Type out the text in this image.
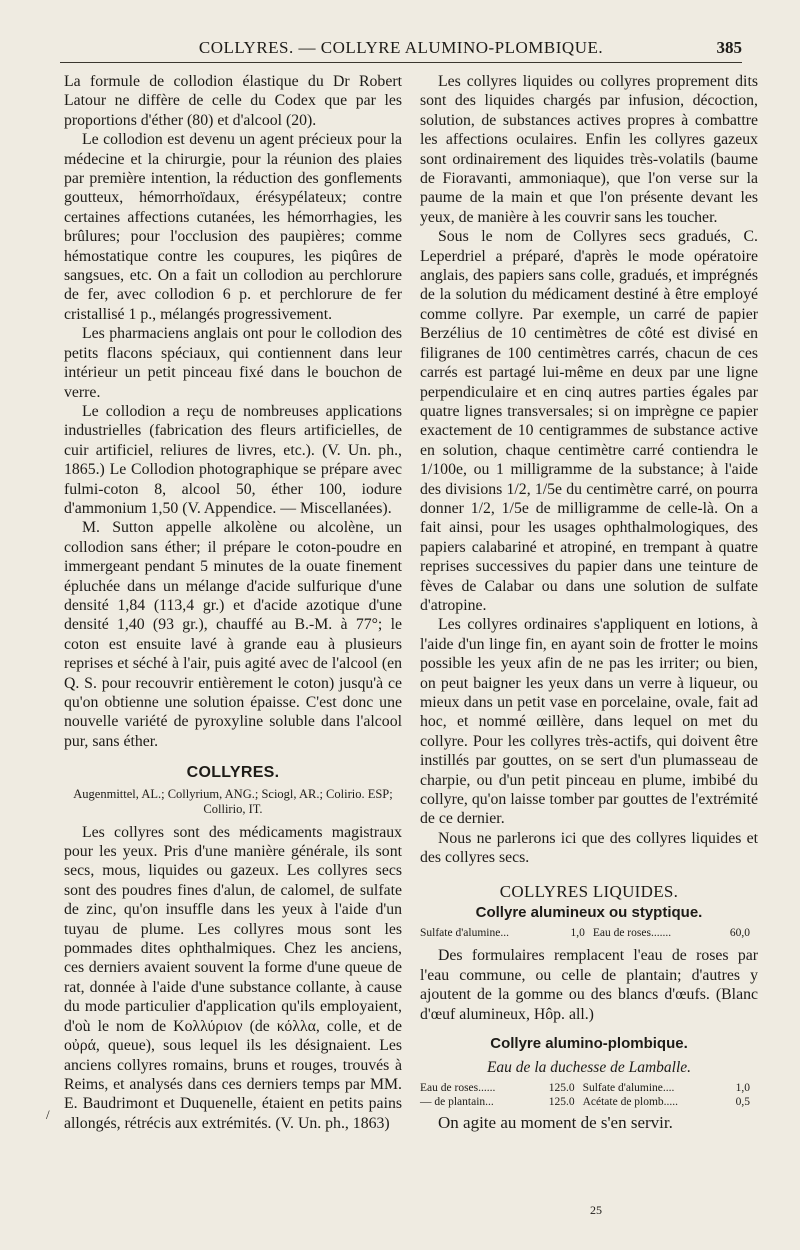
COLLYRES. — COLLYRE ALUMINO-PLOMBIQUE.	385

La formule de collodion élastique du Dr Robert Latour ne diffère de celle du Codex que par les proportions d'éther (80) et d'alcool (20).

Le collodion est devenu un agent précieux pour la médecine et la chirurgie, pour la réunion des plaies par première intention, la réduction des gonflements goutteux, hémorrhoïdaux, érésypélateux; contre certaines affections cutanées, les hémorrhagies, les brûlures; pour l'occlusion des paupières; comme hémostatique contre les coupures, les piqûres de sangsues, etc. On a fait un collodion au perchlorure de fer, avec collodion 6 p. et perchlorure de fer cristallisé 1 p., mélangés progressivement.

Les pharmaciens anglais ont pour le collodion des petits flacons spéciaux, qui contiennent dans leur intérieur un petit pinceau fixé dans le bouchon de verre.

Le collodion a reçu de nombreuses applications industrielles (fabrication des fleurs artificielles, de cuir artificiel, reliures de livres, etc.). (V. Un. ph., 1865.) Le Collodion photographique se prépare avec fulmi-coton 8, alcool 50, éther 100, iodure d'ammonium 1,50 (V. Appendice. — Miscellanées).

M. Sutton appelle alkolène ou alcolène, un collodion sans éther; il prépare le coton-poudre en immergeant pendant 5 minutes de la ouate finement épluchée dans un mélange d'acide sulfurique d'une densité 1,84 (113,4 gr.) et d'acide azotique d'une densité 1,40 (93 gr.), chauffé au B.-M. à 77°; le coton est ensuite lavé à grande eau à plusieurs reprises et séché à l'air, puis agité avec de l'alcool (en Q. S. pour recouvrir entièrement le coton) jusqu'à ce qu'on obtienne une solution épaisse. C'est donc une nouvelle variété de pyroxyline soluble dans l'alcool pur, sans éther.

COLLYRES.
Augenmittel, AL.; Collyrium, ANG.; Sciogl, AR.; Colirio. ESP; Collirio, IT.

Les collyres sont des médicaments magistraux pour les yeux. Pris d'une manière générale, ils sont secs, mous, liquides ou gazeux. Les collyres secs sont des poudres fines d'alun, de calomel, de sulfate de zinc, qu'on insuffle dans les yeux à l'aide d'un tuyau de plume. Les collyres mous sont les pommades dites ophthalmiques. Chez les anciens, ces derniers avaient souvent la forme d'une queue de rat, donnée à l'aide d'une substance collante, à cause du mode particulier d'application qu'ils employaient, d'où le nom de Κολλύριον (de κόλλα, colle, et de οὐρά, queue), sous lequel ils les désignaient. Les anciens collyres romains, bruns et rouges, trouvés à Reims, et analysés dans ces derniers temps par MM. E. Baudrimont et Duquenelle, étaient en petits pains allongés, rétrécis aux extrémités. (V. Un. ph., 1863)

Les collyres liquides ou collyres proprement dits sont des liquides chargés par infusion, décoction, solution, de substances actives propres à combattre les affections oculaires. Enfin les collyres gazeux sont ordinairement des liquides très-volatils (baume de Fioravanti, ammoniaque), que l'on verse sur la paume de la main et que l'on présente devant les yeux, de manière à les couvrir sans les toucher.

Sous le nom de Collyres secs gradués, C. Leperdriel a préparé, d'après le mode opératoire anglais, des papiers sans colle, gradués, et imprégnés de la solution du médicament destiné à être employé comme collyre. Par exemple, un carré de papier Berzélius de 10 centimètres de côté est divisé en filigranes de 100 centimètres carrés, chacun de ces carrés est partagé lui-même en deux par une ligne perpendiculaire et en cinq autres parties égales par quatre lignes transversales; si on imprègne ce papier exactement de 10 centigrammes de substance active en solution, chaque centimètre carré contiendra le 1/100e, ou 1 milligramme de la substance; à l'aide des divisions 1/2, 1/5e du centimètre carré, on pourra donner 1/2, 1/5e de milligramme de celle-là. On a fait ainsi, pour les usages ophthalmologiques, des papiers calabariné et atropiné, en trempant à quatre reprises successives du papier dans une teinture de fèves de Calabar ou dans une solution de sulfate d'atropine.

Les collyres ordinaires s'appliquent en lotions, à l'aide d'un linge fin, en ayant soin de frotter le moins possible les yeux afin de ne pas les irriter; ou bien, on peut baigner les yeux dans un verre à liqueur, ou mieux dans un petit vase en porcelaine, ovale, fait ad hoc, et nommé œillère, dans lequel on met du collyre. Pour les collyres très-actifs, qui doivent être instillés par gouttes, on se sert d'un plumasseau de charpie, ou d'un petit pinceau en plume, imbibé du collyre, qu'on laisse tomber par gouttes de l'extrémité de ce dernier.

Nous ne parlerons ici que des collyres liquides et des collyres secs.

COLLYRES LIQUIDES.
Collyre alumineux ou styptique.
Sulfate d'alumine...	1,0	Eau de roses.......	60,0

Des formulaires remplacent l'eau de roses par l'eau commune, ou celle de plantain; d'autres y ajoutent de la gomme ou des blancs d'œufs. (Blanc d'œuf alumineux, Hôp. all.)

Collyre alumino-plombique.
Eau de la duchesse de Lamballe.
Eau de roses......	125.0	Sulfate d'alumine....	1,0
— de plantain...	125.0	Acétate de plomb.....	0,5

On agite au moment de s'en servir.

/
25
